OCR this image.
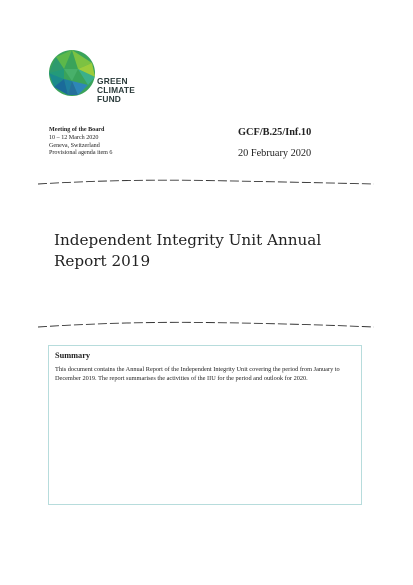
GREEN
CLIMATE
FUND
Meeting of the Board
10 – 12 March 2020
Geneva, Switzerland
Provisional agenda item 6
GCF/B.25/Inf.10
20 February 2020
Independent Integrity Unit Annual
Report 2019
Summary
This document contains the Annual Report of the Independent Integrity Unit covering the period from January to December 2019. The report summarises the activities of the IIU for the period and outlook for 2020.
